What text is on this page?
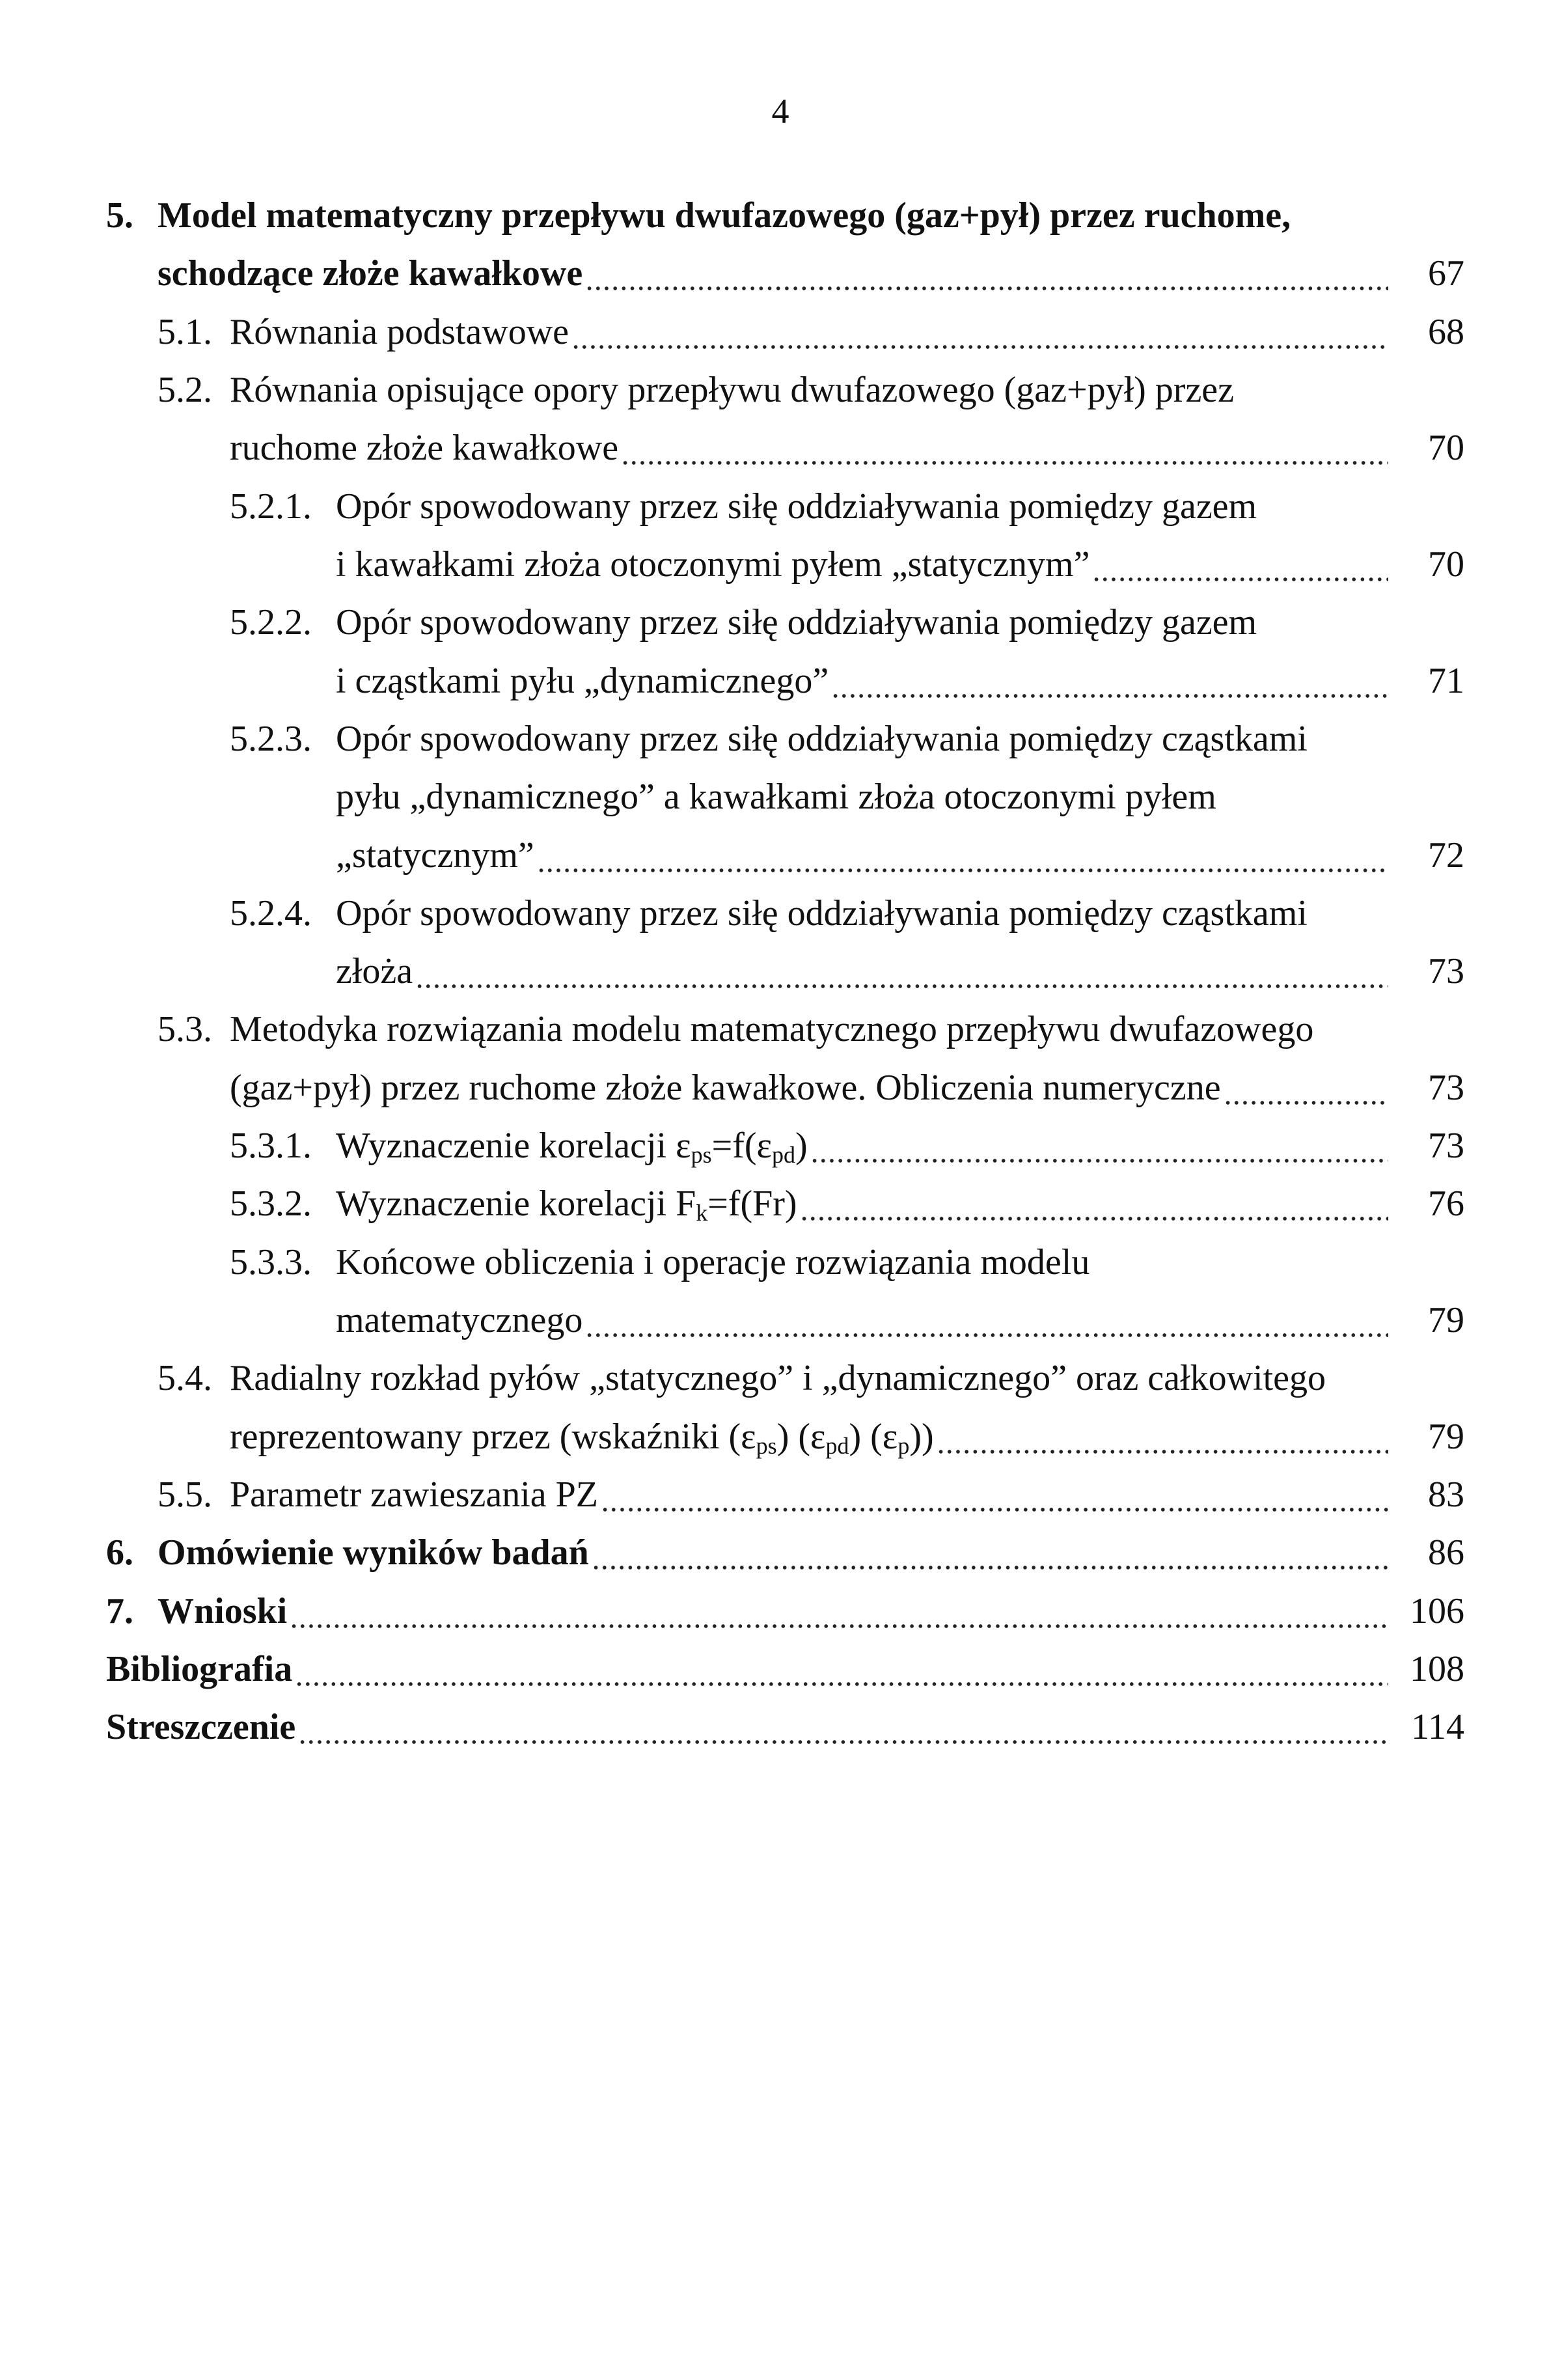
4
5. Model matematyczny przepływu dwufazowego (gaz+pył) przez ruchome,
schodzące złoże kawałkowe	67
5.1. Równania podstawowe	68
5.2. Równania opisujące opory przepływu dwufazowego (gaz+pył) przez
ruchome złoże kawałkowe	70
5.2.1. Opór spowodowany przez siłę oddziaływania pomiędzy gazem
i kawałkami złoża otoczonymi pyłem „statycznym”	70
5.2.2. Opór spowodowany przez siłę oddziaływania pomiędzy gazem
i cząstkami pyłu „dynamicznego”	71
5.2.3. Opór spowodowany przez siłę oddziaływania pomiędzy cząstkami
pyłu „dynamicznego” a kawałkami złoża otoczonymi pyłem
„statycznym”	72
5.2.4. Opór spowodowany przez siłę oddziaływania pomiędzy cząstkami
złoża	73
5.3. Metodyka rozwiązania modelu matematycznego przepływu dwufazowego
(gaz+pył) przez ruchome złoże kawałkowe. Obliczenia numeryczne	73
5.3.1. Wyznaczenie korelacji $\varepsilon_{ps}=f(\varepsilon_{pd})$	73
5.3.2. Wyznaczenie korelacji $F_k=f(Fr)$	76
5.3.3. Końcowe obliczenia i operacje rozwiązania modelu
matematycznego	79
5.4. Radialny rozkład pyłów „statycznego” i „dynamicznego” oraz całkowitego
reprezentowany przez (wskaźniki $(\varepsilon_{ps})$ $(\varepsilon_{pd})$ $(\varepsilon_p)$)	79
5.5. Parametr zawieszania PZ	83
6. Omówienie wyników badań	86
7. Wnioski	106
Bibliografia	108
Streszczenie	114
